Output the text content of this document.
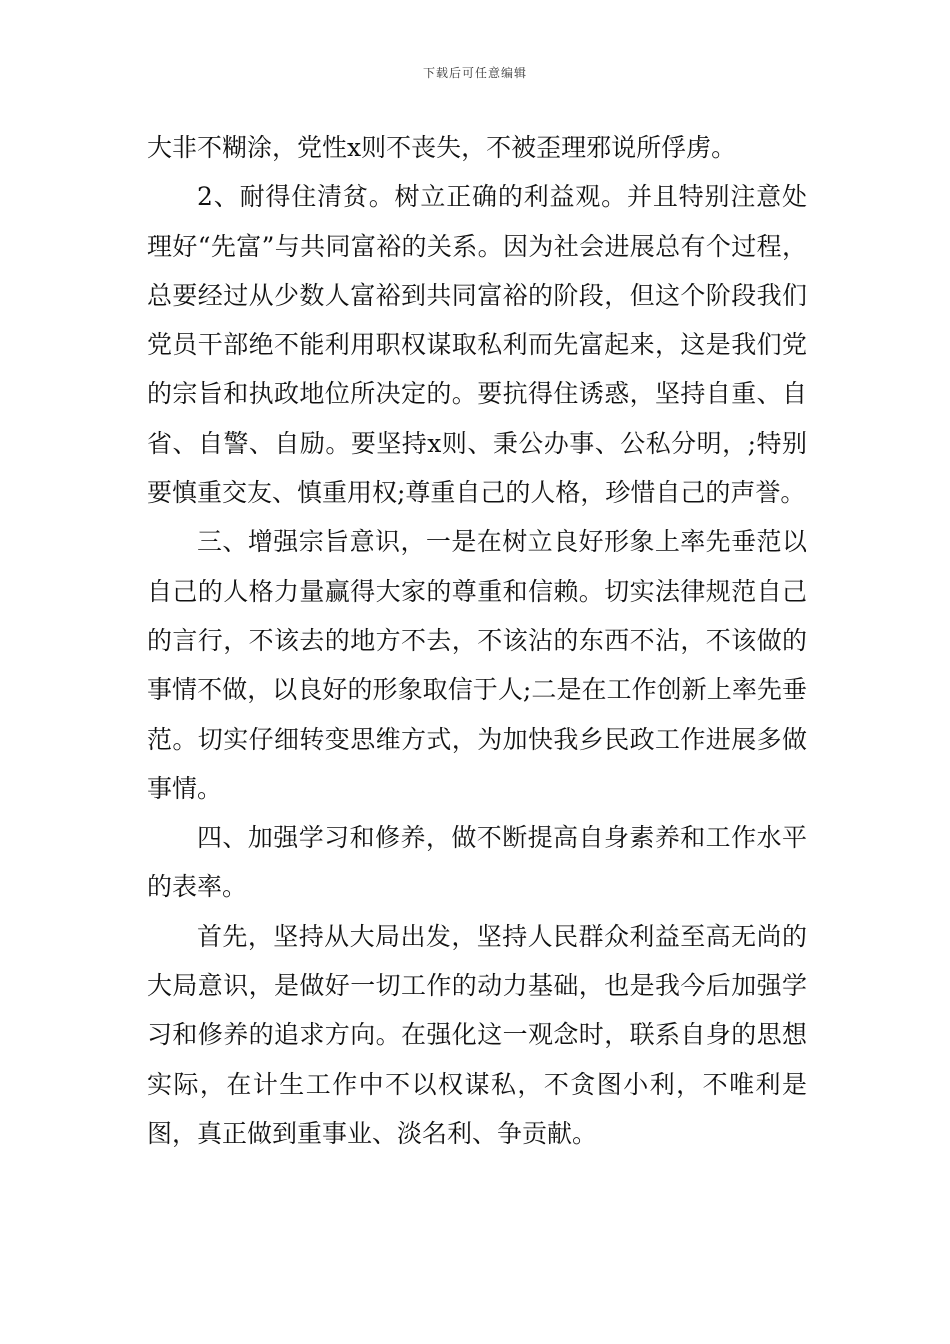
下载后可任意编辑

大非不糊涂，党性x则不丧失，不被歪理邪说所俘虏。

2、耐得住清贫。树立正确的利益观。并且特别注意处理好“先富”与共同富裕的关系。因为社会进展总有个过程，总要经过从少数人富裕到共同富裕的阶段，但这个阶段我们党员干部绝不能利用职权谋取私利而先富起来，这是我们党的宗旨和执政地位所决定的。要抗得住诱惑，坚持自重、自省、自警、自励。要坚持x则、秉公办事、公私分明，;特别要慎重交友、慎重用权;尊重自己的人格，珍惜自己的声誉。

三、增强宗旨意识，一是在树立良好形象上率先垂范以自己的人格力量赢得大家的尊重和信赖。切实法律规范自己的言行，不该去的地方不去，不该沾的东西不沾，不该做的事情不做，以良好的形象取信于人;二是在工作创新上率先垂范。切实仔细转变思维方式，为加快我乡民政工作进展多做事情。

四、加强学习和修养，做不断提高自身素养和工作水平的表率。

首先，坚持从大局出发，坚持人民群众利益至高无尚的大局意识，是做好一切工作的动力基础，也是我今后加强学习和修养的追求方向。在强化这一观念时，联系自身的思想实际，在计生工作中不以权谋私，不贪图小利，不唯利是图，真正做到重事业、淡名利、争贡献。
